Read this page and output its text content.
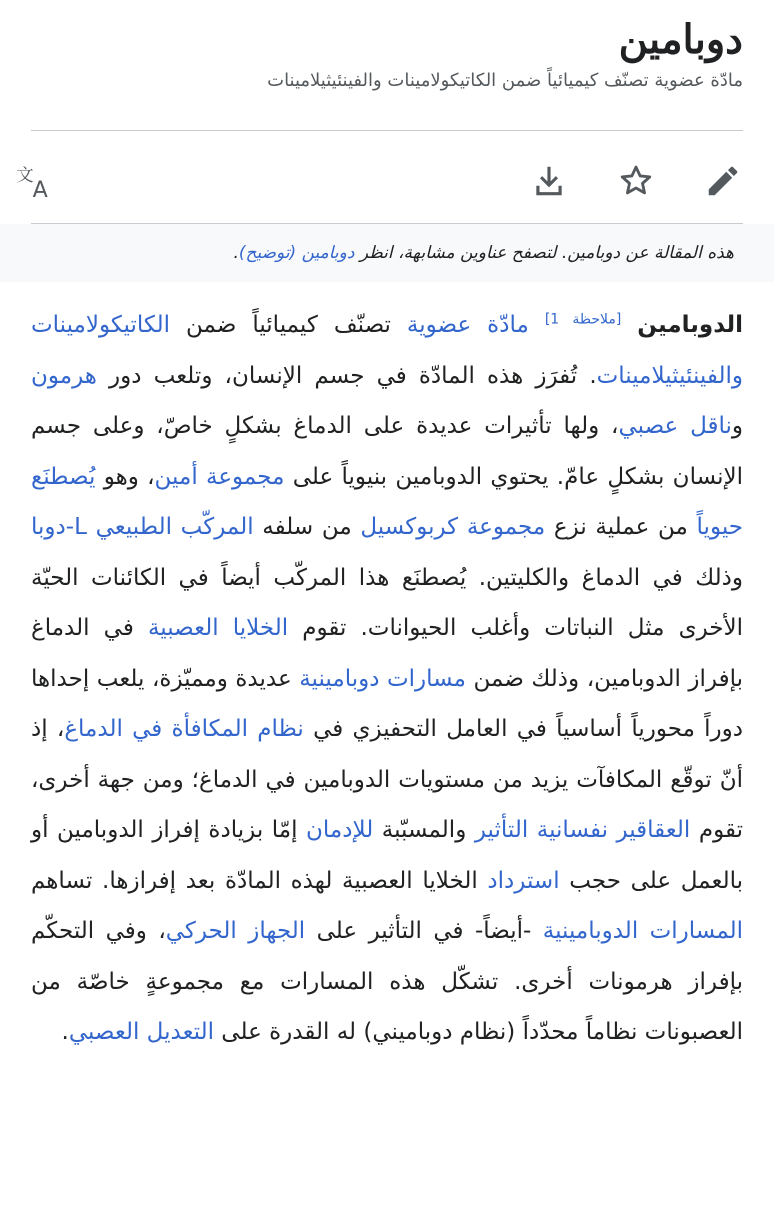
دوبامين
مادّة عضوية تصنّف كيميائياً ضمن الكاتيكولامينات والفينئيثيلامينات
文
A
هذه المقالة عن دوبامين. لتصفح عناوين مشابهة، انظر دوبامين (توضيح).

الدوبامين [ملاحظة 1] مادّة عضوية تصنّف كيميائياً ضمن الكاتيكولامينات والفينئيثيلامينات. تُفرَز هذه المادّة في جسم الإنسان، وتلعب دور هرمون وناقل عصبي، ولها تأثيرات عديدة على الدماغ بشكلٍ خاصّ، وعلى جسم الإنسان بشكلٍ عامّ. يحتوي الدوبامين بنيوياً على مجموعة أمين، وهو يُصطنَع حيوياً من عملية نزع مجموعة كربوكسيل من سلفه المركّب الطبيعي L-دوبا وذلك في الدماغ والكليتين. يُصطنَع هذا المركّب أيضاً في الكائنات الحيّة الأخرى مثل النباتات وأغلب الحيوانات. تقوم الخلايا العصبية في الدماغ بإفراز الدوبامين، وذلك ضمن مسارات دوبامينية عديدة ومميّزة، يلعب إحداها دوراً محورياً أساسياً في العامل التحفيزي في نظام المكافأة في الدماغ، إذ أنّ توقّع المكافآت يزيد من مستويات الدوبامين في الدماغ؛ ومن جهة أخرى، تقوم العقاقير نفسانية التأثير والمسبّبة للإدمان إمّا بزيادة إفراز الدوبامين أو بالعمل على حجب استرداد الخلايا العصبية لهذه المادّة بعد إفرازها. تساهم المسارات الدوبامينية -أيضاً- في التأثير على الجهاز الحركي، وفي التحكّم بإفراز هرمونات أخرى. تشكّل هذه المسارات مع مجموعةٍ خاصّة من العصبونات نظاماً محدّداً (نظام دوباميني) له القدرة على التعديل العصبي.
